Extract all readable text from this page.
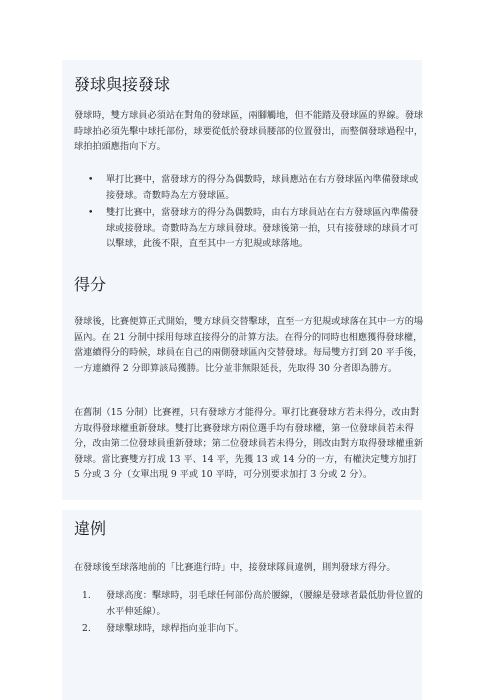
發球與接發球

發球時，雙方球員必須站在對角的發球區，兩腳觸地，但不能踏及發球區的界線。發球時球拍必須先擊中球托部份，球要從低於發球員腰部的位置發出，而整個發球過程中，球拍拍頭應指向下方。

• 單打比賽中，當發球方的得分為偶數時，球員應站在右方發球區內準備發球或接發球。奇數時為左方發球區。
• 雙打比賽中，當發球方的得分為偶數時，由右方球員站在右方發球區內準備發球或接發球。奇數時為左方球員發球。發球後第一拍，只有接發球的球員才可以擊球，此後不限，直至其中一方犯規或球落地。
得分

發球後，比賽便算正式開始，雙方球員交替擊球，直至一方犯規或球落在其中一方的場區內。在 21 分制中採用每球直接得分的計算方法。在得分的同時也相應獲得發球權，當連續得分的時候，球員在自己的兩側發球區內交替發球。每局雙方打到 20 平手後，一方連續得 2 分即算該局獲勝。比分並非無限延長，先取得 30 分者即為勝方。

在舊制（15 分制）比賽裡，只有發球方才能得分。單打比賽發球方若未得分，改由對方取得發球權重新發球。雙打比賽發球方兩位選手均有發球權，第一位發球員若未得分，改由第二位發球員重新發球；第二位發球員若未得分，則改由對方取得發球權重新發球。當比賽雙方打成 13 平、14 平，先獲 13 或 14 分的一方，有權決定雙方加打 5 分或 3 分（女單出現 9 平或 10 平時，可分別要求加打 3 分或 2 分）。

違例

在發球後至球落地前的「比賽進行時」中，接發球隊員違例，則判發球方得分。

1. 發球高度：擊球時，羽毛球任何部份高於腰線，（腰線是發球者最低肋骨位置的水平伸延線）。
2. 發球擊球時，球桿指向並非向下。
